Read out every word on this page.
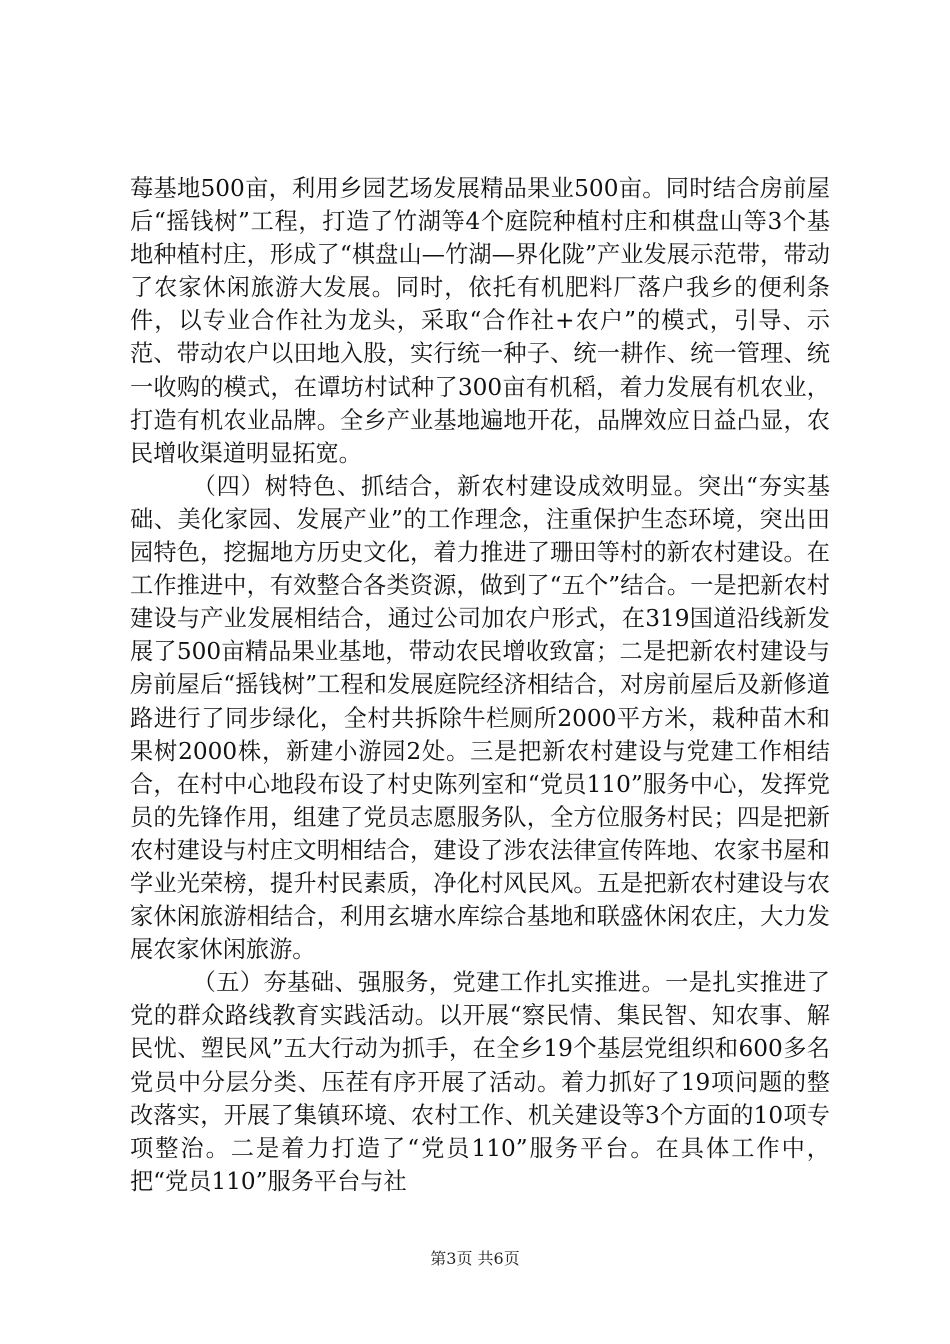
莓基地500亩，利用乡园艺场发展精品果业500亩。同时结合房前屋后“摇钱树”工程，打造了竹湖等4个庭院种植村庄和棋盘山等3个基地种植村庄，形成了“棋盘山—竹湖—界化陇”产业发展示范带，带动了农家休闲旅游大发展。同时，依托有机肥料厂落户我乡的便利条件，以专业合作社为龙头，采取“合作社+农户”的模式，引导、示范、带动农户以田地入股，实行统一种子、统一耕作、统一管理、统一收购的模式，在谭坊村试种了300亩有机稻，着力发展有机农业，打造有机农业品牌。全乡产业基地遍地开花，品牌效应日益凸显，农民增收渠道明显拓宽。

（四）树特色、抓结合，新农村建设成效明显。突出“夯实基础、美化家园、发展产业”的工作理念，注重保护生态环境，突出田园特色，挖掘地方历史文化，着力推进了珊田等村的新农村建设。在工作推进中，有效整合各类资源，做到了“五个”结合。一是把新农村建设与产业发展相结合，通过公司加农户形式，在319国道沿线新发展了500亩精品果业基地，带动农民增收致富；二是把新农村建设与房前屋后“摇钱树”工程和发展庭院经济相结合，对房前屋后及新修道路进行了同步绿化，全村共拆除牛栏厕所2000平方米，栽种苗木和果树2000株，新建小游园2处。三是把新农村建设与党建工作相结合，在村中心地段布设了村史陈列室和“党员110”服务中心，发挥党员的先锋作用，组建了党员志愿服务队，全方位服务村民；四是把新农村建设与村庄文明相结合，建设了涉农法律宣传阵地、农家书屋和学业光荣榜，提升村民素质，净化村风民风。五是把新农村建设与农家休闲旅游相结合，利用玄塘水库综合基地和联盛休闲农庄，大力发展农家休闲旅游。

（五）夯基础、强服务，党建工作扎实推进。一是扎实推进了党的群众路线教育实践活动。以开展“察民情、集民智、知农事、解民忧、塑民风”五大行动为抓手，在全乡19个基层党组织和600多名党员中分层分类、压茬有序开展了活动。着力抓好了19项问题的整改落实，开展了集镇环境、农村工作、机关建设等3个方面的10项专项整治。二是着力打造了“党员110”服务平台。在具体工作中，把“党员110”服务平台与社

第3页 共6页
